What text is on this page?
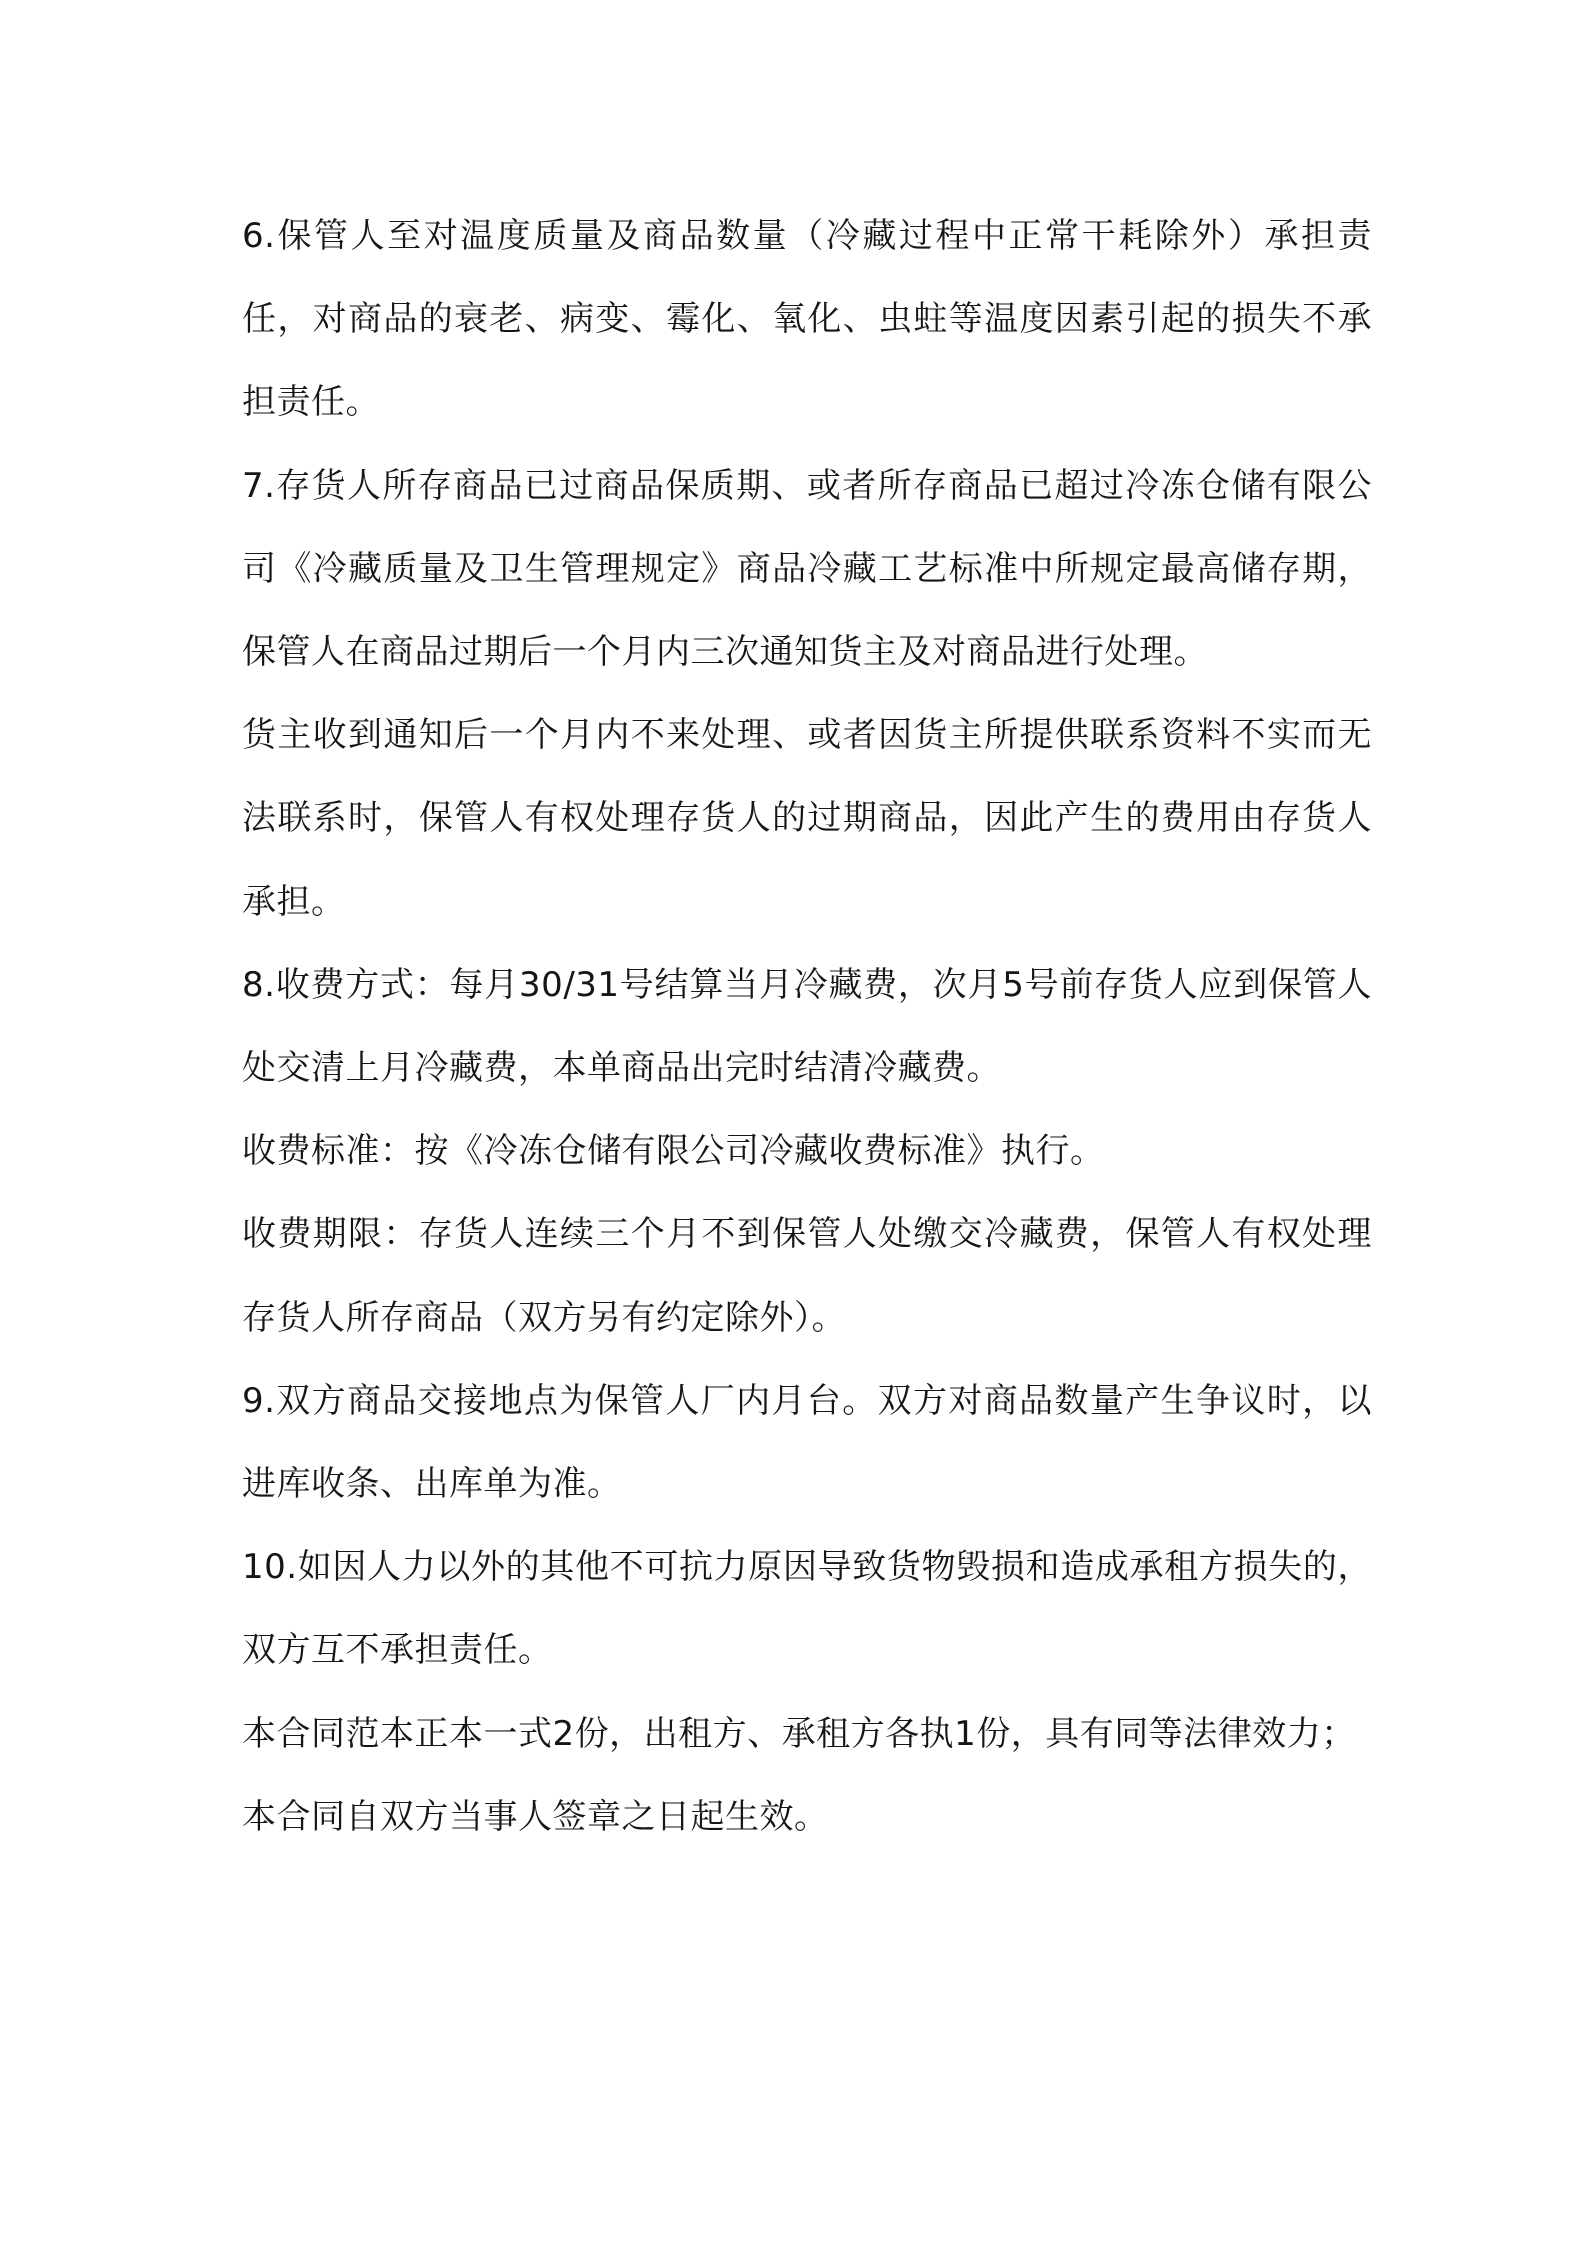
6.保管人至对温度质量及商品数量（冷藏过程中正常干耗除外）承担责任，对商品的衰老、病变、霉化、氧化、虫蛀等温度因素引起的损失不承担责任。

7.存货人所存商品已过商品保质期、或者所存商品已超过冷冻仓储有限公司《冷藏质量及卫生管理规定》商品冷藏工艺标准中所规定最高储存期，保管人在商品过期后一个月内三次通知货主及对商品进行处理。

货主收到通知后一个月内不来处理、或者因货主所提供联系资料不实而无法联系时，保管人有权处理存货人的过期商品，因此产生的费用由存货人承担。

8.收费方式：每月30/31号结算当月冷藏费，次月5号前存货人应到保管人处交清上月冷藏费，本单商品出完时结清冷藏费。

收费标准：按《冷冻仓储有限公司冷藏收费标准》执行。

收费期限：存货人连续三个月不到保管人处缴交冷藏费，保管人有权处理存货人所存商品（双方另有约定除外）。

9.双方商品交接地点为保管人厂内月台。双方对商品数量产生争议时，以进库收条、出库单为准。

10.如因人力以外的其他不可抗力原因导致货物毁损和造成承租方损失的，双方互不承担责任。

本合同范本正本一式2份，出租方、承租方各执1份，具有同等法律效力；

本合同自双方当事人签章之日起生效。
